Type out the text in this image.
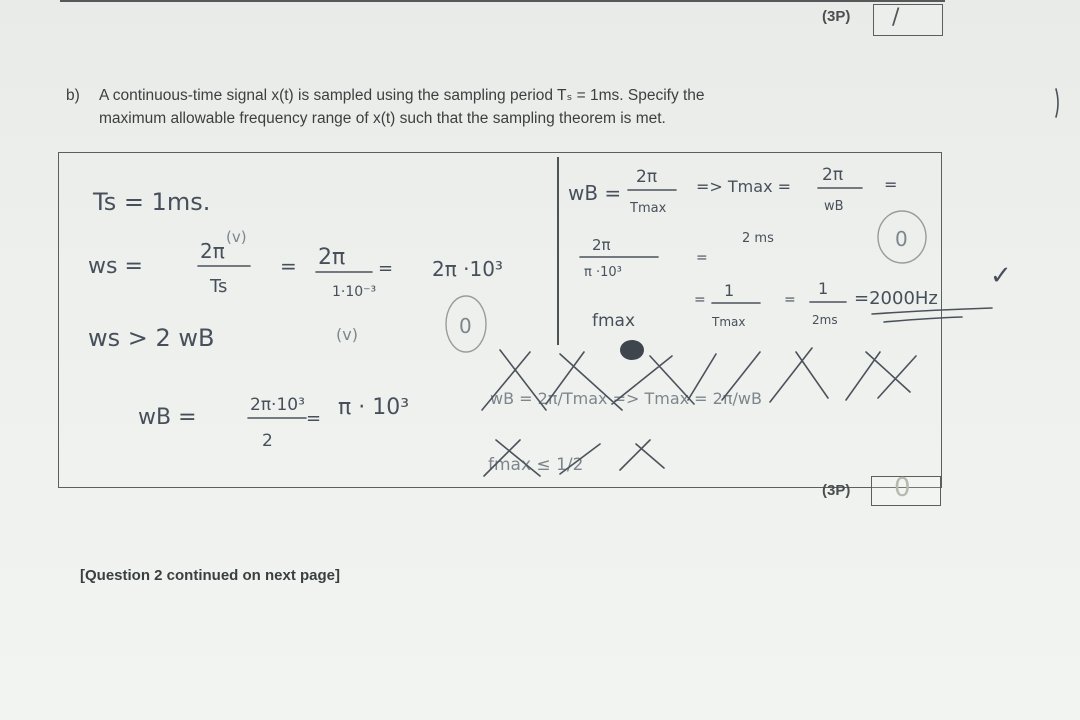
(3P) /
b) A continuous-time signal x(t) is sampled using the sampling period Tₛ = 1ms. Specify the
maximum allowable frequency range of x(t) such that the sampling theorem is met.
Ts = 1ms.
ws =
2π
(v)
Ts
= 2π
1·10⁻³
= 2π ·10³
ws > 2 wB	(v)	0
wB =	2π·10³
2
= π · 10³
wB =
2π
Tmax
=> Tmax =
2π
wB
=
2π
π ·10³
=
2 ms	0
fmax
= 1
Tmax
=
1
2ms
=2000Hz
✓
wB = 2π/Tmax => Tmax = 2π/wB
fmax ≤ 1/2
(3P) 0
[Question 2 continued on next page]
